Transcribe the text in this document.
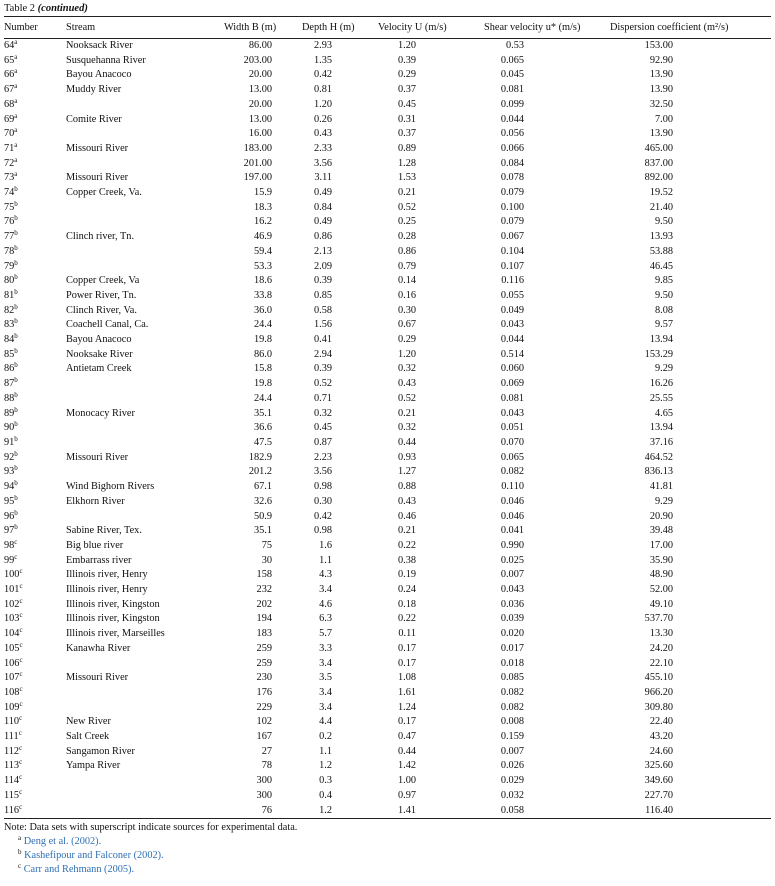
Table 2 (continued)
Number	Stream	Width B (m)	Depth H (m)	Velocity U (m/s)	Shear velocity u* (m/s)	Dispersion coefficient (m²/s)
64$^a$	Nooksack River	86.00	2.93	1.20	0.53	153.00
65$^a$	Susquehanna River	203.00	1.35	0.39	0.065	92.90
66$^a$	Bayou Anacoco	20.00	0.42	0.29	0.045	13.90
67$^a$	Muddy River	13.00	0.81	0.37	0.081	13.90
68$^a$		20.00	1.20	0.45	0.099	32.50
69$^a$	Comite River	13.00	0.26	0.31	0.044	7.00
70$^a$		16.00	0.43	0.37	0.056	13.90
71$^a$	Missouri River	183.00	2.33	0.89	0.066	465.00
72$^a$		201.00	3.56	1.28	0.084	837.00
73$^a$	Missouri River	197.00	3.11	1.53	0.078	892.00
74$^b$	Copper Creek, Va.	15.9	0.49	0.21	0.079	19.52
75$^b$		18.3	0.84	0.52	0.100	21.40
76$^b$		16.2	0.49	0.25	0.079	9.50
77$^b$	Clinch river, Tn.	46.9	0.86	0.28	0.067	13.93
78$^b$		59.4	2.13	0.86	0.104	53.88
79$^b$		53.3	2.09	0.79	0.107	46.45
80$^b$	Copper Creek, Va	18.6	0.39	0.14	0.116	9.85
81$^b$	Power River, Tn.	33.8	0.85	0.16	0.055	9.50
82$^b$	Clinch River, Va.	36.0	0.58	0.30	0.049	8.08
83$^b$	Coachell Canal, Ca.	24.4	1.56	0.67	0.043	9.57
84$^b$	Bayou Anacoco	19.8	0.41	0.29	0.044	13.94
85$^b$	Nooksake River	86.0	2.94	1.20	0.514	153.29
86$^b$	Antietam Creek	15.8	0.39	0.32	0.060	9.29
87$^b$		19.8	0.52	0.43	0.069	16.26
88$^b$		24.4	0.71	0.52	0.081	25.55
89$^b$	Monocacy River	35.1	0.32	0.21	0.043	4.65
90$^b$		36.6	0.45	0.32	0.051	13.94
91$^b$		47.5	0.87	0.44	0.070	37.16
92$^b$	Missouri River	182.9	2.23	0.93	0.065	464.52
93$^b$		201.2	3.56	1.27	0.082	836.13
94$^b$	Wind Bighorn Rivers	67.1	0.98	0.88	0.110	41.81
95$^b$	Elkhorn River	32.6	0.30	0.43	0.046	9.29
96$^b$		50.9	0.42	0.46	0.046	20.90
97$^b$	Sabine River, Tex.	35.1	0.98	0.21	0.041	39.48
98$^c$	Big blue river	75	1.6	0.22	0.990	17.00
99$^c$	Embarrass river	30	1.1	0.38	0.025	35.90
100$^c$	Illinois river, Henry	158	4.3	0.19	0.007	48.90
101$^c$	Illinois river, Henry	232	3.4	0.24	0.043	52.00
102$^c$	Illinois river, Kingston	202	4.6	0.18	0.036	49.10
103$^c$	Illinois river, Kingston	194	6.3	0.22	0.039	537.70
104$^c$	Illinois river, Marseilles	183	5.7	0.11	0.020	13.30
105$^c$	Kanawha River	259	3.3	0.17	0.017	24.20
106$^c$		259	3.4	0.17	0.018	22.10
107$^c$	Missouri River	230	3.5	1.08	0.085	455.10
108$^c$		176	3.4	1.61	0.082	966.20
109$^c$		229	3.4	1.24	0.082	309.80
110$^c$	New River	102	4.4	0.17	0.008	22.40
111$^c$	Salt Creek	167	0.2	0.47	0.159	43.20
112$^c$	Sangamon River	27	1.1	0.44	0.007	24.60
113$^c$	Yampa River	78	1.2	1.42	0.026	325.60
114$^c$		300	0.3	1.00	0.029	349.60
115$^c$		300	0.4	0.97	0.032	227.70
116$^c$		76	1.2	1.41	0.058	116.40
Note: Data sets with superscript indicate sources for experimental data.
$^a$ Deng et al. (2002).
$^b$ Kashefipour and Falconer (2002).
$^c$ Carr and Rehmann (2005).
